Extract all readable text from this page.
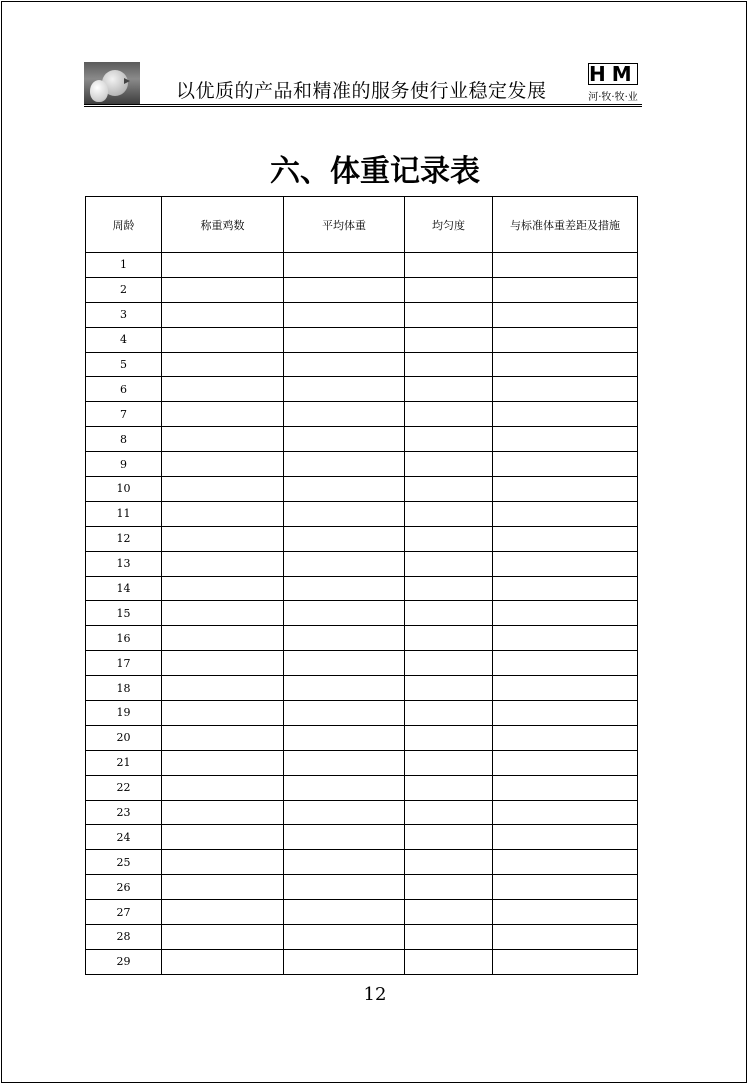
以优质的产品和精准的服务使行业稳定发展
HM
河·牧·牧·业
六、体重记录表
周龄	称重鸡数	平均体重	均匀度	与标准体重差距及措施
1				
2				
3				
4				
5				
6				
7				
8				
9				
10				
11				
12				
13				
14				
15				
16				
17				
18				
19				
20				
21				
22				
23				
24				
25				
26				
27				
28				
29				
12
